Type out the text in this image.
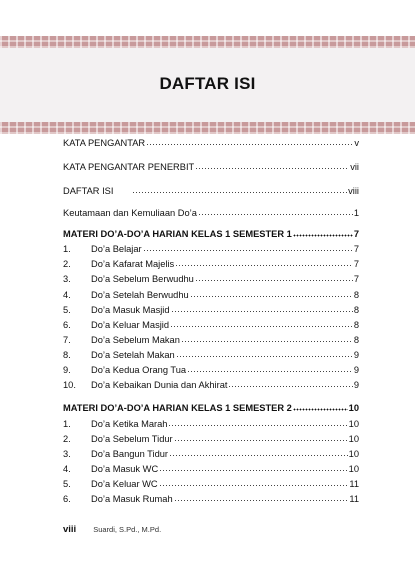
DAFTAR ISI
KATA PENGANTAR	v
KATA PENGANTAR PENERBIT	vii
DAFTAR ISI	viii
Keutamaan dan Kemuliaan Do’a	1
MATERI DO’A-DO’A HARIAN KELAS 1 SEMESTER 1	7
1.	Do’a Belajar	7
2.	Do’a Kafarat Majelis	7
3.	Do’a Sebelum Berwudhu	7
4.	Do’a Setelah Berwudhu	8
5.	Do’a Masuk Masjid	8
6.	Do’a Keluar Masjid	8
7.	Do’a Sebelum Makan	8
8.	Do’a Setelah Makan	9
9.	Do’a Kedua Orang Tua	9
10.	Do’a Kebaikan Dunia dan Akhirat	9
MATERI DO’A-DO’A HARIAN KELAS 1 SEMESTER 2	10
1.	Do’a Ketika Marah	10
2.	Do’a Sebelum Tidur	10
3.	Do’a Bangun Tidur	10
4.	Do’a Masuk WC	10
5.	Do’a Keluar WC	11
6.	Do’a Masuk Rumah	11
viii Suardi, S.Pd., M.Pd.
